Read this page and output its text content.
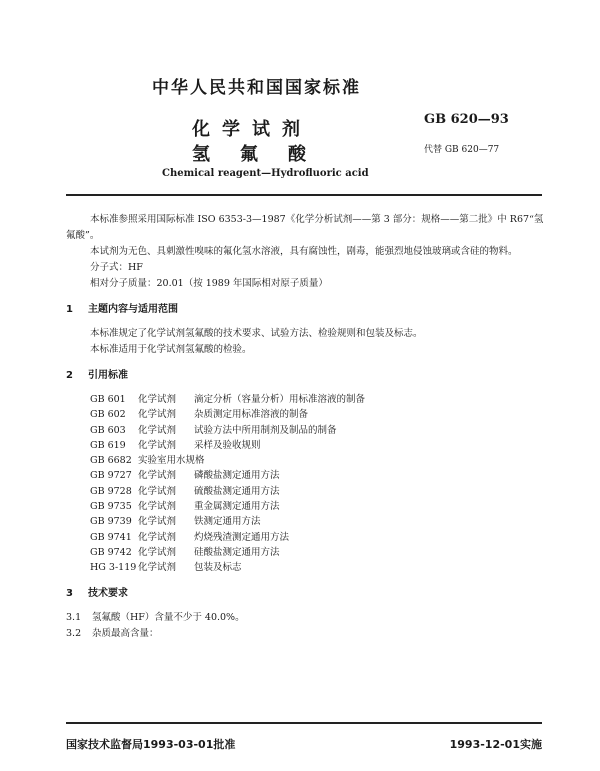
中华人民共和国国家标准
GB 620—93
代替 GB 620—77
化学试剂
氢氟酸
Chemical reagent—Hydrofluoric acid

本标准参照采用国际标准 ISO 6353-3—1987《化学分析试剂——第 3 部分：规格——第二批》中 R67“氢氟酸”。

本试剂为无色、具刺激性嗅味的氟化氢水溶液，具有腐蚀性，剧毒，能强烈地侵蚀玻璃或含硅的物料。

分子式：HF

相对分子质量：20.01（按 1989 年国际相对原子质量）

1 主题内容与适用范围

本标准规定了化学试剂氢氟酸的技术要求、试验方法、检验规则和包装及标志。

本标准适用于化学试剂氢氟酸的检验。

2 引用标准
GB 601	化学试剂	滴定分析（容量分析）用标准溶液的制备
GB 602	化学试剂	杂质测定用标准溶液的制备
GB 603	化学试剂	试验方法中所用制剂及制品的制备
GB 619	化学试剂	采样及验收规则
GB 6682 实验室用水规格
GB 9727 化学试剂	磷酸盐测定通用方法
GB 9728 化学试剂	硫酸盐测定通用方法
GB 9735 化学试剂	重金属测定通用方法
GB 9739 化学试剂	铁测定通用方法
GB 9741 化学试剂	灼烧残渣测定通用方法
GB 9742 化学试剂	硅酸盐测定通用方法
HG 3-119 化学试剂	包装及标志
3 技术要求

3.1 氢氟酸（HF）含量不少于 40.0%。

3.2 杂质最高含量：

国家技术监督局1993-03-01批准	1993-12-01实施
